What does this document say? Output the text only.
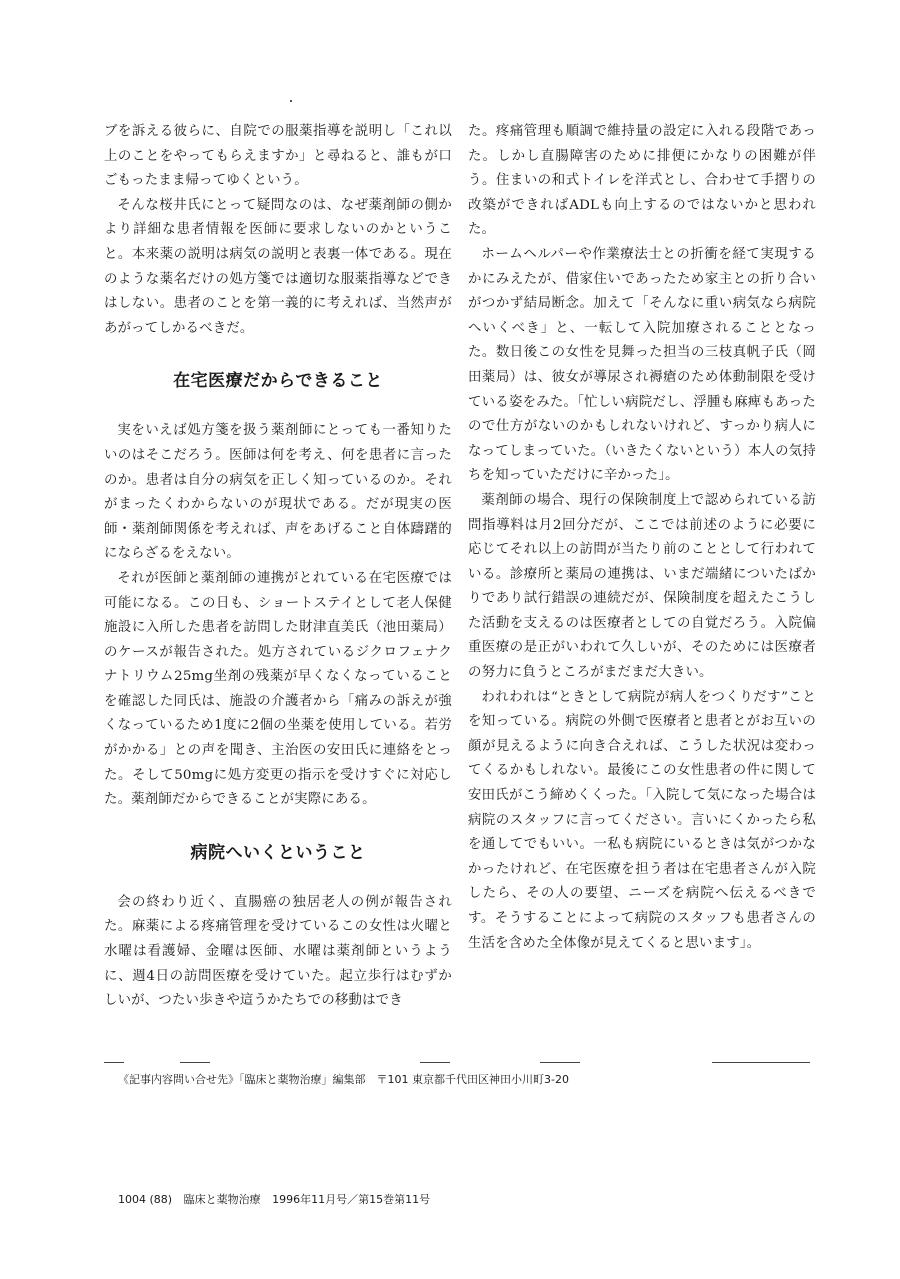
ブを訴える彼らに、自院での服薬指導を説明し「これ以上のことをやってもらえますか」と尋ねると、誰もが口ごもったまま帰ってゆくという。

そんな桜井氏にとって疑問なのは、なぜ薬剤師の側かより詳細な患者情報を医師に要求しないのかということ。本来薬の説明は病気の説明と表裏一体である。現在のような薬名だけの処方箋では適切な服薬指導などできはしない。患者のことを第一義的に考えれば、当然声があがってしかるべきだ。

在宅医療だからできること

実をいえば処方箋を扱う薬剤師にとっても一番知りたいのはそこだろう。医師は何を考え、何を患者に言ったのか。患者は自分の病気を正しく知っているのか。それがまったくわからないのが現状である。だが現実の医師・薬剤師関係を考えれば、声をあげること自体躊躇的にならざるをえない。

それが医師と薬剤師の連携がとれている在宅医療では可能になる。この日も、ショートステイとして老人保健施設に入所した患者を訪問した財津直美氏（池田薬局）のケースが報告された。処方されているジクロフェナクナトリウム25mg坐剤の残薬が早くなくなっていることを確認した同氏は、施設の介護者から「痛みの訴えが強くなっているため1度に2個の坐薬を使用している。若労がかかる」との声を聞き、主治医の安田氏に連絡をとった。そして50mgに処方変更の指示を受けすぐに対応した。薬剤師だからできることが実際にある。

病院へいくということ

会の終わり近く、直腸癌の独居老人の例が報告された。麻薬による疼痛管理を受けているこの女性は火曜と水曜は看護婦、金曜は医師、水曜は薬剤師というように、週4日の訪問医療を受けていた。起立歩行はむずかしいが、つたい歩きや這うかたちでの移動はでき

た。疼痛管理も順調で維持量の設定に入れる段階であった。しかし直腸障害のために排便にかなりの困難が伴う。住まいの和式トイレを洋式とし、合わせて手摺りの改築ができればADLも向上するのではないかと思われた。

ホームヘルパーや作業療法士との折衝を経て実現するかにみえたが、借家住いであったため家主との折り合いがつかず結局断念。加えて「そんなに重い病気なら病院へいくべき」と、一転して入院加療されることとなった。数日後この女性を見舞った担当の三枝真帆子氏（岡田薬局）は、彼女が導尿され褥瘡のため体動制限を受けている姿をみた。「忙しい病院だし、浮腫も麻痺もあったので仕方がないのかもしれないけれど、すっかり病人になってしまっていた。（いきたくないという）本人の気持ちを知っていただけに辛かった」。

薬剤師の場合、現行の保険制度上で認められている訪問指導料は月2回分だが、ここでは前述のように必要に応じてそれ以上の訪問が当たり前のこととして行われている。診療所と薬局の連携は、いまだ端緒についたばかりであり試行錯誤の連続だが、保険制度を超えたこうした活動を支えるのは医療者としての自覚だろう。入院偏重医療の是正がいわれて久しいが、そのためには医療者の努力に負うところがまだまだ大きい。

われわれは“ときとして病院が病人をつくりだす”ことを知っている。病院の外側で医療者と患者とがお互いの顔が見えるように向き合えれば、こうした状況は変わってくるかもしれない。最後にこの女性患者の件に関して安田氏がこう締めくくった。「入院して気になった場合は病院のスタッフに言ってください。言いにくかったら私を通してでもいい。一私も病院にいるときは気がつかなかったけれど、在宅医療を担う者は在宅患者さんが入院したら、その人の要望、ニーズを病院へ伝えるべきです。そうすることによって病院のスタッフも患者さんの生活を含めた全体像が見えてくると思います」。

《記事内容問い合せ先》「臨床と薬物治療」編集部　〒101 東京都千代田区神田小川町3-20
1004 (88) 臨床と薬物治療 1996年11月号／第15巻第11号
